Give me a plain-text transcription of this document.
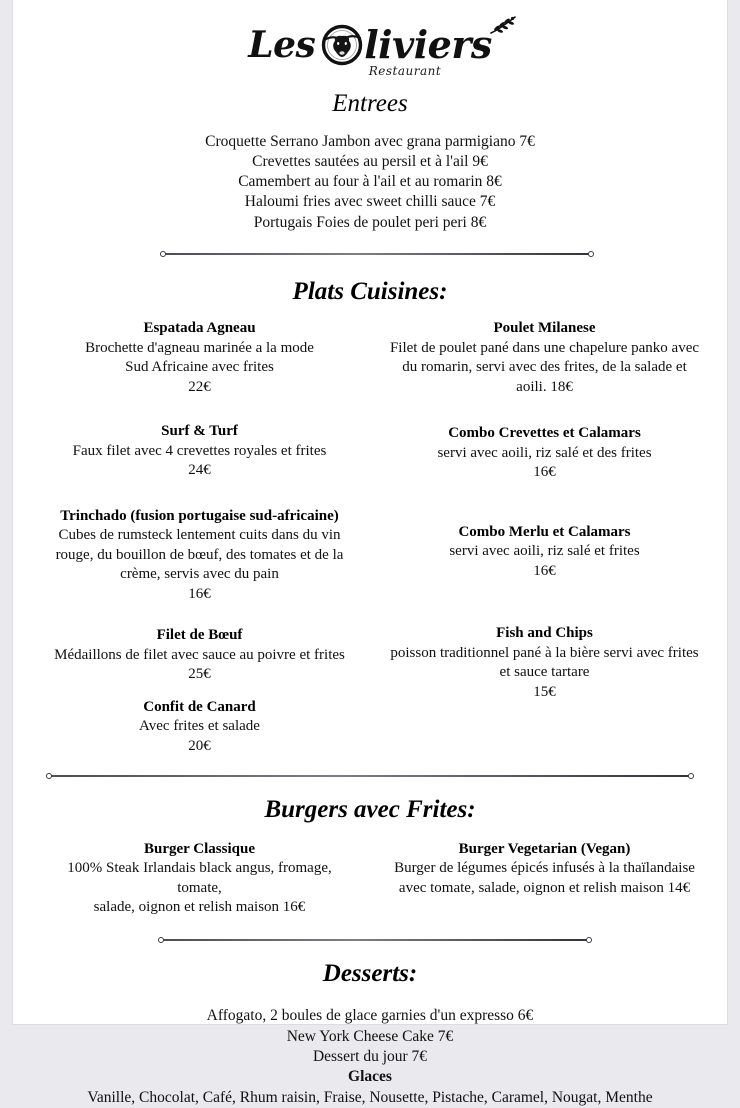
Les liviers
Restaurant
Entrees
Croquette Serrano Jambon avec grana parmigiano 7€
Crevettes sautées au persil et à l'ail 9€
Camembert au four à l'ail et au romarin 8€
Haloumi fries avec sweet chilli sauce 7€
Portugais Foies de poulet peri peri 8€
Plats Cuisines:
Espatada Agneau
Brochette d'agneau marinée a la mode
Sud Africaine avec frites
22€
Surf & Turf
Faux filet avec 4 crevettes royales et frites
24€
Trinchado (fusion portugaise sud-africaine)
Cubes de rumsteck lentement cuits dans du vin
rouge, du bouillon de bœuf, des tomates et de la
crème, servis avec du pain
16€
Filet de Bœuf
Médaillons de filet avec sauce au poivre et frites
25€
Confit de Canard
Avec frites et salade
20€
Poulet Milanese
Filet de poulet pané dans une chapelure panko avec
du romarin, servi avec des frites, de la salade et
aoili. 18€
Combo Crevettes et Calamars
servi avec aoili, riz salé et des frites
16€
Combo Merlu et Calamars
servi avec aoili, riz salé et frites
16€
Fish and Chips
poisson traditionnel pané à la bière servi avec frites
et sauce tartare
15€
Burgers avec Frites:
Burger Classique
100% Steak Irlandais black angus, fromage, tomate,
salade, oignon et relish maison 16€
Burger Vegetarian (Vegan)
Burger de légumes épicés infusés à la thaïlandaise
avec tomate, salade, oignon et relish maison 14€
Desserts:
Affogato, 2 boules de glace garnies d'un expresso 6€
New York Cheese Cake 7€
Dessert du jour 7€
Glaces
Vanille, Chocolat, Café, Rhum raisin, Fraise, Nousette, Pistache, Caramel, Nougat, Menthe
